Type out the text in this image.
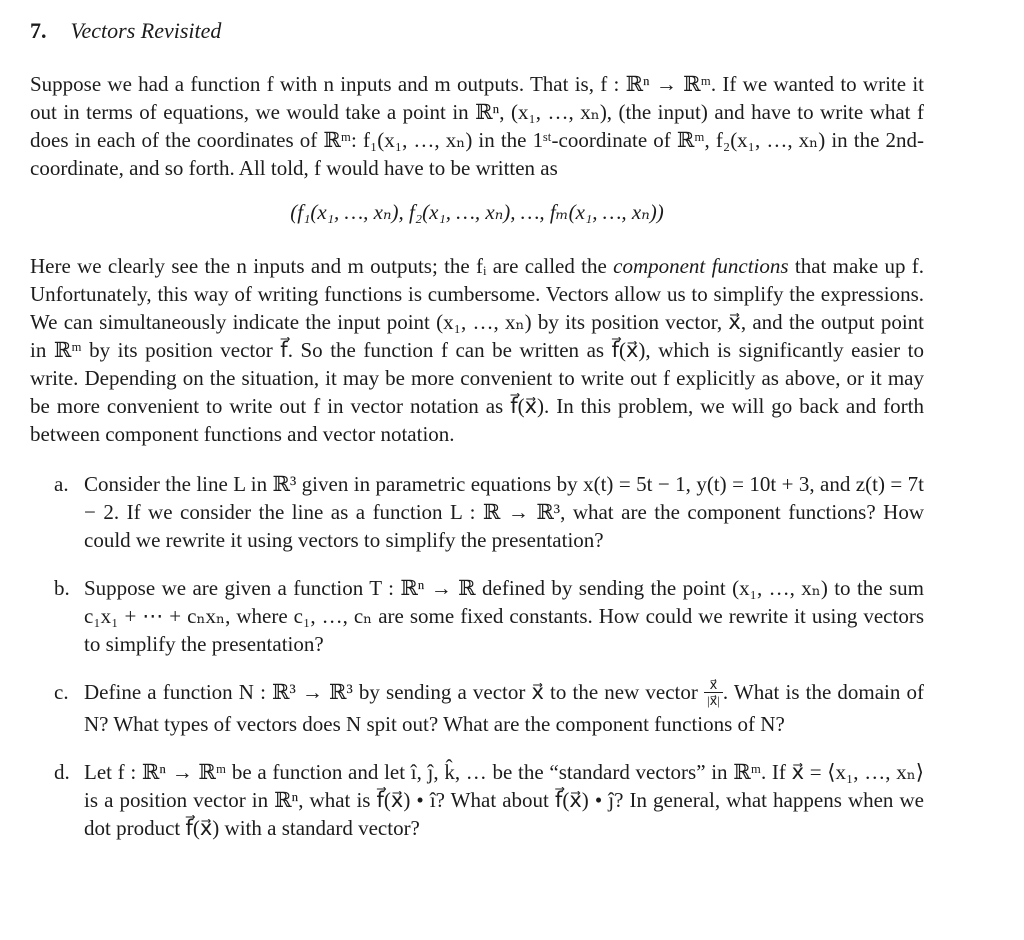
7. Vectors Revisited

Suppose we had a function f with n inputs and m outputs. That is, f : ℝⁿ → ℝᵐ. If we wanted to write it out in terms of equations, we would take a point in ℝⁿ, (x₁, …, xₙ), (the input) and have to write what f does in each of the coordinates of ℝᵐ: f₁(x₁, …, xₙ) in the 1ˢᵗ-coordinate of ℝᵐ, f₂(x₁, …, xₙ) in the 2nd-coordinate, and so forth. All told, f would have to be written as

(f₁(x₁, …, xₙ), f₂(x₁, …, xₙ), …, fₘ(x₁, …, xₙ))

Here we clearly see the n inputs and m outputs; the fᵢ are called the component functions that make up f. Unfortunately, this way of writing functions is cumbersome. Vectors allow us to simplify the expressions. We can simultaneously indicate the input point (x₁, …, xₙ) by its position vector, x⃗, and the output point in ℝᵐ by its position vector f⃗. So the function f can be written as f⃗(x⃗), which is significantly easier to write. Depending on the situation, it may be more convenient to write out f explicitly as above, or it may be more convenient to write out f in vector notation as f⃗(x⃗). In this problem, we will go back and forth between component functions and vector notation.

a. Consider the line L in ℝ³ given in parametric equations by x(t) = 5t − 1, y(t) = 10t + 3, and z(t) = 7t − 2. If we consider the line as a function L : ℝ → ℝ³, what are the component functions? How could we rewrite it using vectors to simplify the presentation?
b. Suppose we are given a function T : ℝⁿ → ℝ defined by sending the point (x₁, …, xₙ) to the sum c₁x₁ + ⋯ + cₙxₙ, where c₁, …, cₙ are some fixed constants. How could we rewrite it using vectors to simplify the presentation?
c. Define a function N : ℝ³ → ℝ³ by sending a vector x⃗ to the new vector $\frac{x⃗}{|x⃗|}$ . What is the domain of N? What types of vectors does N spit out? What are the component functions of N?
d. Let f : ℝⁿ → ℝᵐ be a function and let î, ĵ, k̂, … be the “standard vectors” in ℝᵐ. If x⃗ = ⟨x₁, …, xₙ⟩ is a position vector in ℝⁿ, what is f⃗(x⃗) • î? What about f⃗(x⃗) • ĵ? In general, what happens when we dot product f⃗(x⃗) with a standard vector?
